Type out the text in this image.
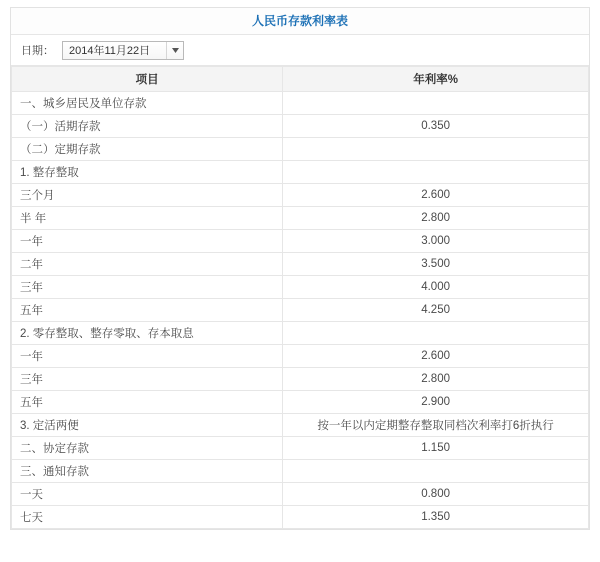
人民币存款利率表
日期： 2014年11月22日
项目	年利率%
一、城乡居民及单位存款	
（一）活期存款	0.350
（二）定期存款	
1. 整存整取	
三个月	2.600
半 年	2.800
一年	3.000
二年	3.500
三年	4.000
五年	4.250
2. 零存整取、整存零取、存本取息	
一年	2.600
三年	2.800
五年	2.900
3. 定活两便	按一年以内定期整存整取同档次利率打6折执行
二、协定存款	1.150
三、通知存款	
一天	0.800
七天	1.350
